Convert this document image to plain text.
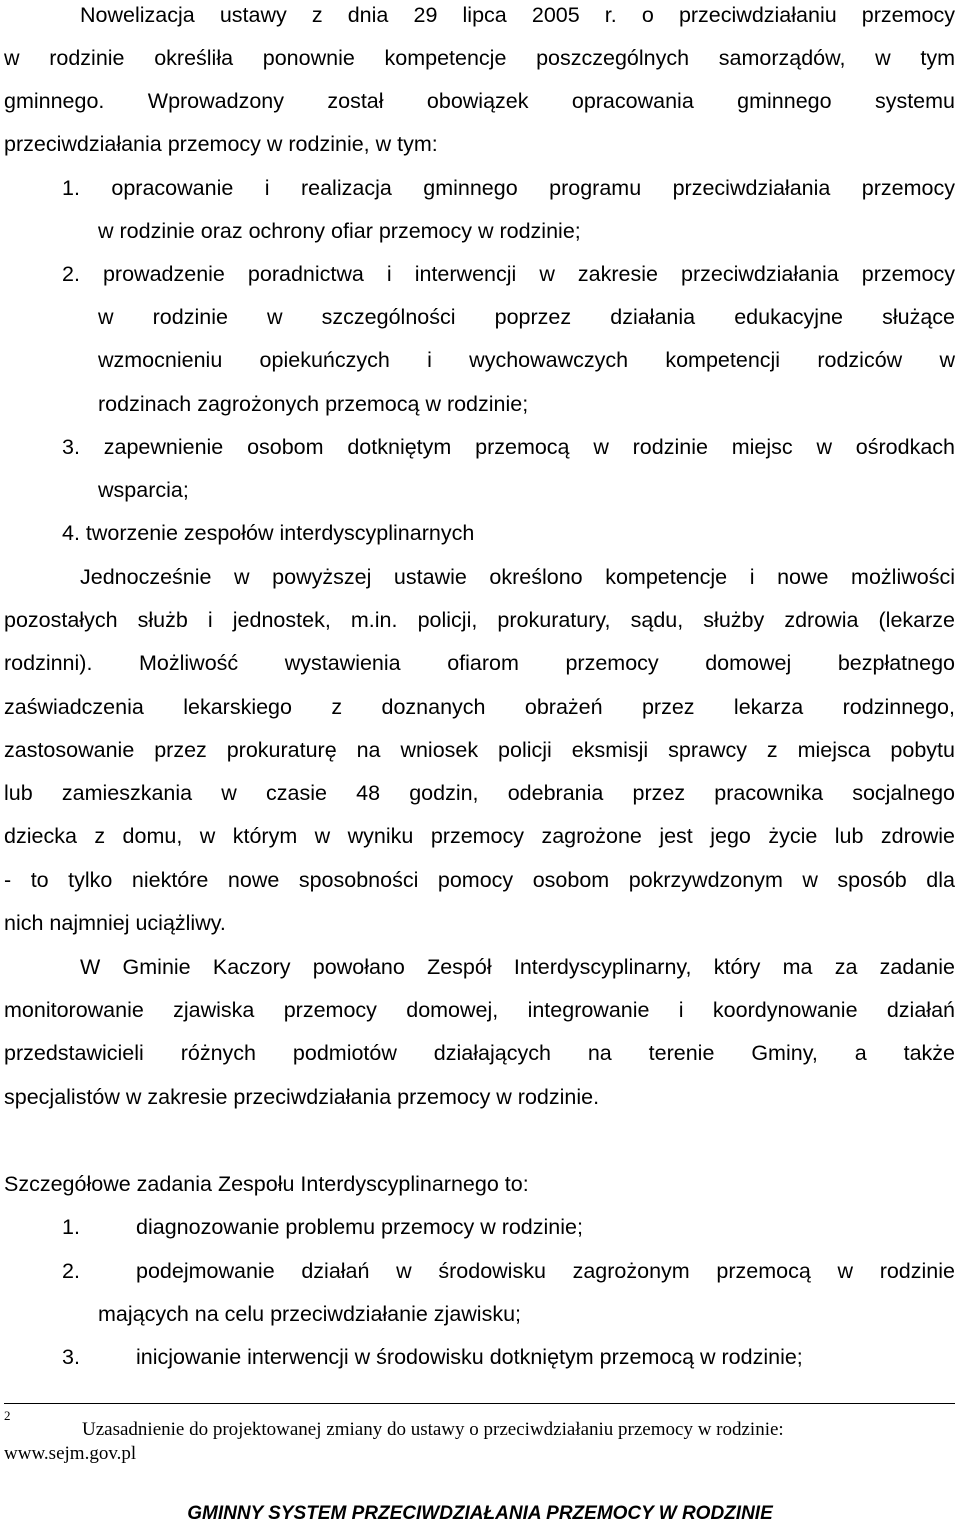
Nowelizacja ustawy z dnia 29 lipca 2005 r. o przeciwdziałaniu przemocy
w rodzinie określiła ponownie kompetencje poszczególnych samorządów, w tym
gminnego. Wprowadzony został obowiązek opracowania gminnego systemu
przeciwdziałania przemocy w rodzinie, w tym:
1. opracowanie i realizacja gminnego programu przeciwdziałania przemocy
w rodzinie oraz ochrony ofiar przemocy w rodzinie;
2. prowadzenie poradnictwa i interwencji w zakresie przeciwdziałania przemocy
w rodzinie w szczególności poprzez działania edukacyjne służące
wzmocnieniu opiekuńczych i wychowawczych kompetencji rodziców w
rodzinach zagrożonych przemocą w rodzinie;
3. zapewnienie osobom dotkniętym przemocą w rodzinie miejsc w ośrodkach
wsparcia;
4. tworzenie zespołów interdyscyplinarnych
Jednocześnie w powyższej ustawie określono kompetencje i nowe możliwości
pozostałych służb i jednostek, m.in. policji, prokuratury, sądu, służby zdrowia (lekarze
rodzinni). Możliwość wystawienia ofiarom przemocy domowej bezpłatnego
zaświadczenia lekarskiego z doznanych obrażeń przez lekarza rodzinnego,
zastosowanie przez prokuraturę na wniosek policji eksmisji sprawcy z miejsca pobytu
lub zamieszkania w czasie 48 godzin, odebrania przez pracownika socjalnego
dziecka z domu, w którym w wyniku przemocy zagrożone jest jego życie lub zdrowie
- to tylko niektóre nowe sposobności pomocy osobom pokrzywdzonym w sposób dla
nich najmniej uciążliwy.
W Gminie Kaczory powołano Zespół Interdyscyplinarny, który ma za zadanie
monitorowanie zjawiska przemocy domowej, integrowanie i koordynowanie działań
przedstawicieli różnych podmiotów działających na terenie Gminy, a także
specjalistów w zakresie przeciwdziałania przemocy w rodzinie.
Szczegółowe zadania Zespołu Interdyscyplinarnego to:
1.	diagnozowanie problemu przemocy w rodzinie;
2.	podejmowanie działań w środowisku zagrożonym przemocą w rodzinie
mających na celu przeciwdziałanie zjawisku;
3.	inicjowanie interwencji w środowisku dotkniętym przemocą w rodzinie;
2
Uzasadnienie do projektowanej zmiany do ustawy o przeciwdziałaniu przemocy w rodzinie:
www.sejm.gov.pl
GMINNY SYSTEM PRZECIWDZIAŁANIA PRZEMOCY W RODZINIE
